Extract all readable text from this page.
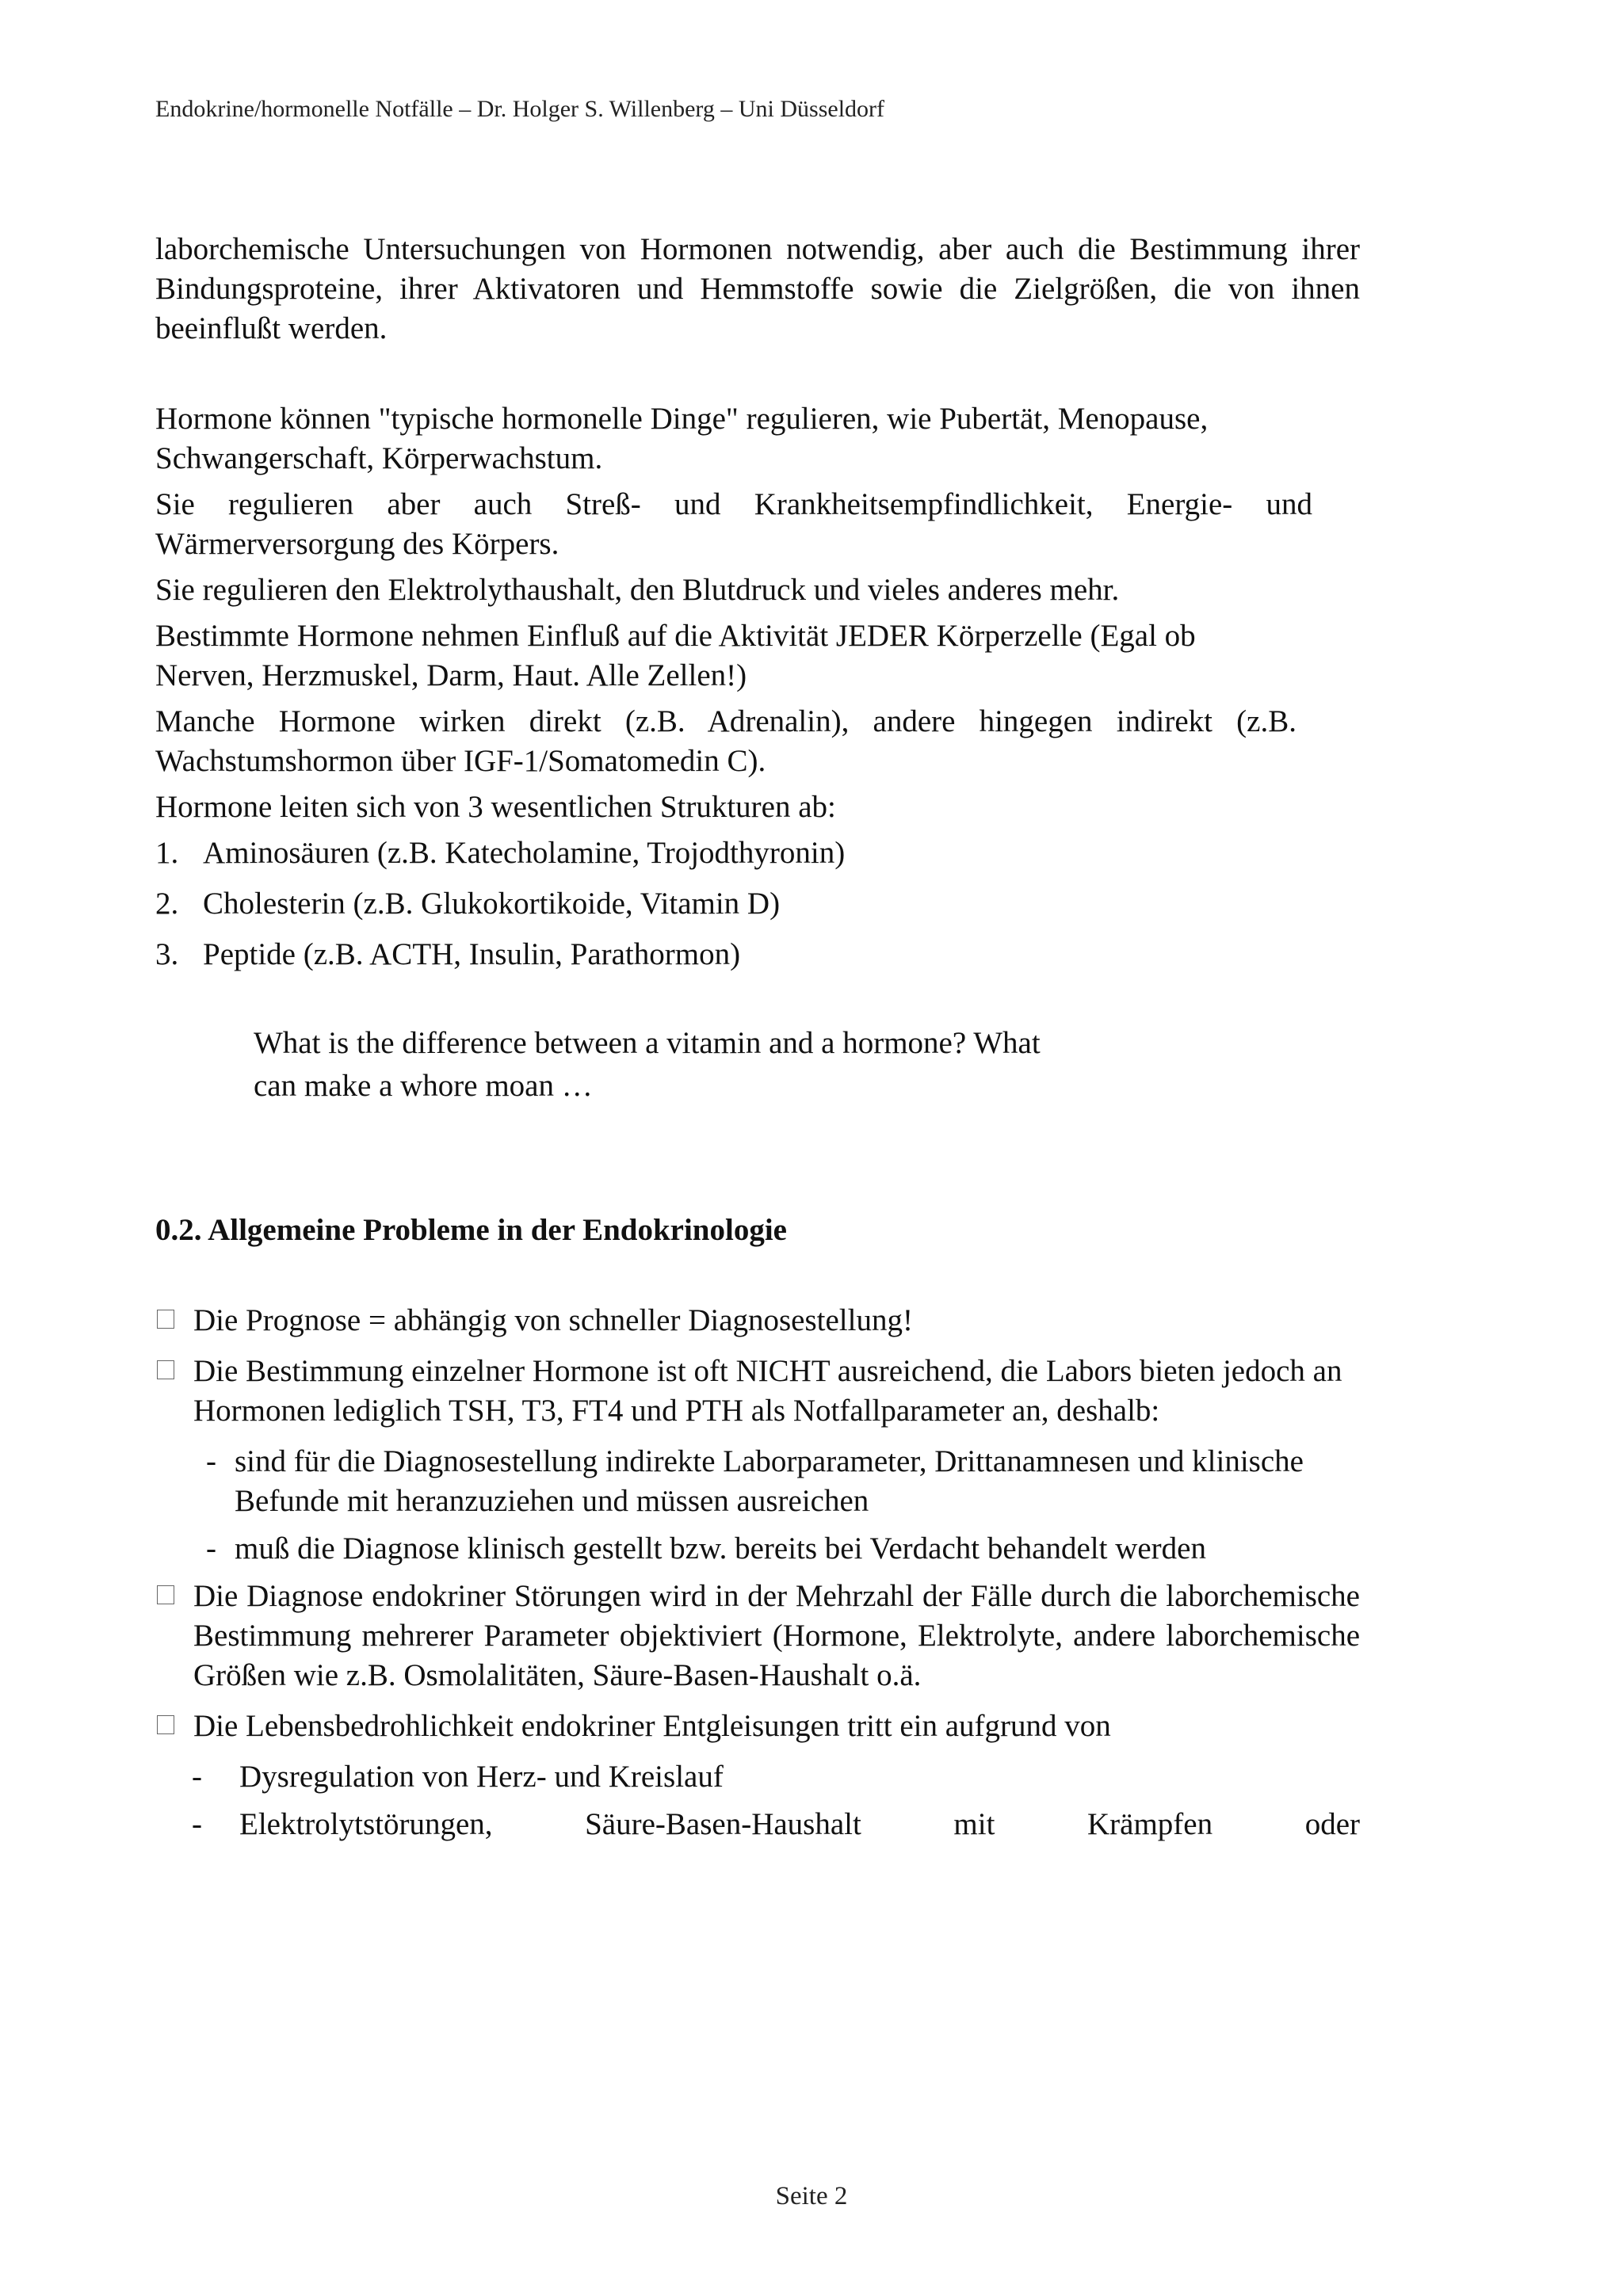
Endokrine/hormonelle Notfälle – Dr. Holger S. Willenberg – Uni Düsseldorf

laborchemische Untersuchungen von Hormonen notwendig, aber auch die Bestimmung ihrer Bindungsproteine, ihrer Aktivatoren und Hemmstoffe sowie die Zielgrößen, die von ihnen beeinflußt werden.

Hormone können "typische hormonelle Dinge" regulieren, wie Pubertät, Menopause, Schwangerschaft, Körperwachstum.

Sie regulieren aber auch Streß- und Krankheitsempfindlichkeit, Energie- und Wärmerversorgung des Körpers.

Sie regulieren den Elektrolythaushalt, den Blutdruck und vieles anderes mehr.

Bestimmte Hormone nehmen Einfluß auf die Aktivität JEDER Körperzelle (Egal ob Nerven, Herzmuskel, Darm, Haut. Alle Zellen!)

Manche Hormone wirken direkt (z.B. Adrenalin), andere hingegen indirekt (z.B. Wachstumshormon über IGF-1/Somatomedin C).

Hormone leiten sich von 3 wesentlichen Strukturen ab:

1. Aminosäuren (z.B. Katecholamine, Trojodthyronin)
2. Cholesterin (z.B. Glukokortikoide, Vitamin D)
3. Peptide (z.B. ACTH, Insulin, Parathormon)
What is the difference between a vitamin and a hormone? What
can make a whore moan …
0.2. Allgemeine Probleme in der Endokrinologie
Die Prognose = abhängig von schneller Diagnosestellung!
Die Bestimmung einzelner Hormone ist oft NICHT ausreichend, die Labors bieten jedoch an Hormonen lediglich TSH, T3, FT4 und PTH als Notfallparameter an, deshalb:
- sind für die Diagnosestellung indirekte Laborparameter, Drittanamnesen und klinische Befunde mit heranzuziehen und müssen ausreichen
- muß die Diagnose klinisch gestellt bzw. bereits bei Verdacht behandelt werden
Die Diagnose endokriner Störungen wird in der Mehrzahl der Fälle durch die laborchemische Bestimmung mehrerer Parameter objektiviert (Hormone, Elektrolyte, andere laborchemische Größen wie z.B. Osmolalitäten, Säure-Basen-Haushalt o.ä.
Die Lebensbedrohlichkeit endokriner Entgleisungen tritt ein aufgrund von
-	Dysregulation von Herz- und Kreislauf
-	Elektrolytstörungen, Säure-Basen-Haushalt mit Krämpfen oder
Seite 2
